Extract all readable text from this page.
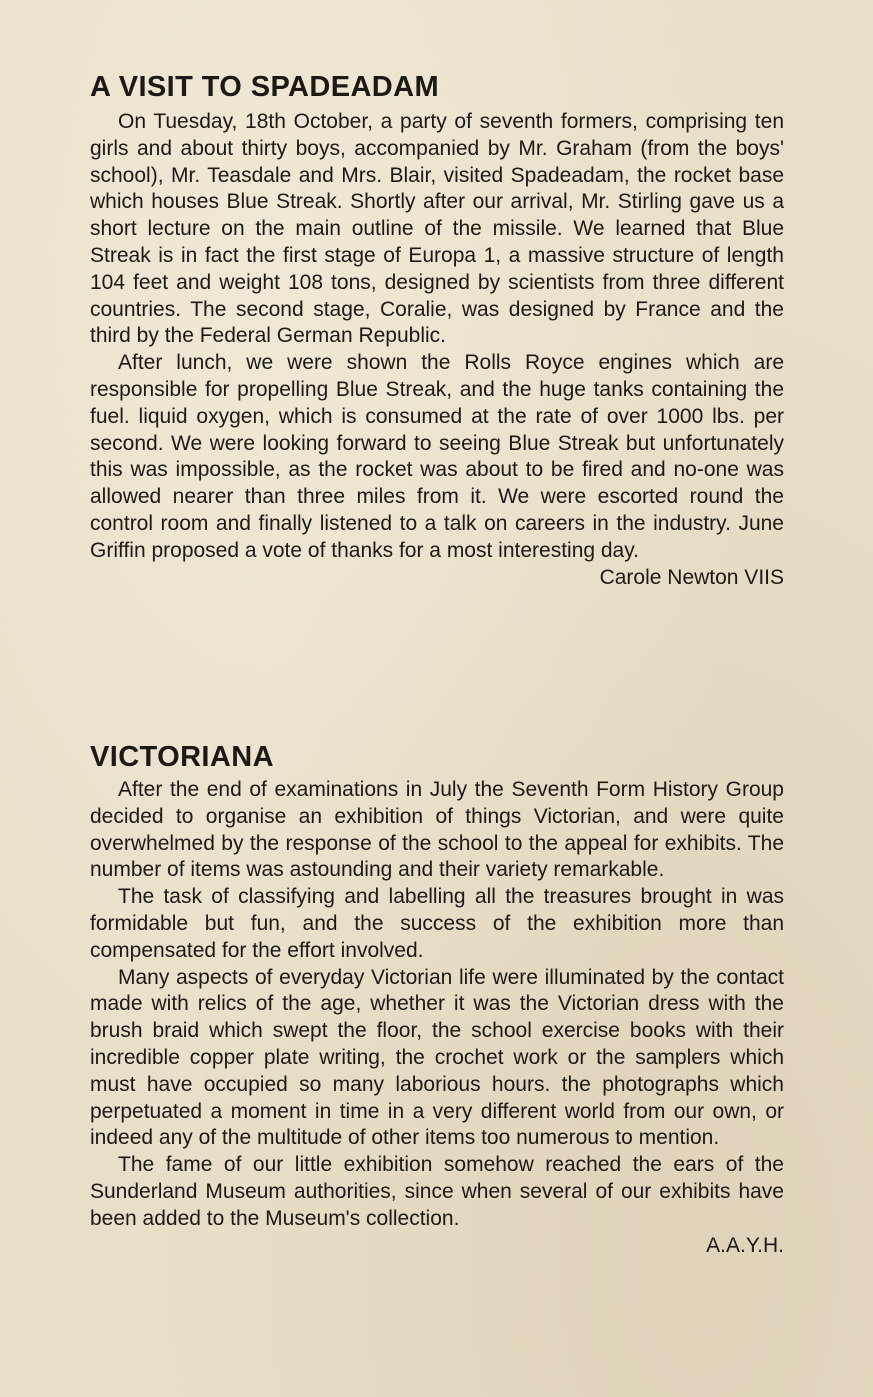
A VISIT TO SPADEADAM

On Tuesday, 18th October, a party of seventh formers, comprising ten girls and about thirty boys, accompanied by Mr. Graham (from the boys' school), Mr. Teasdale and Mrs. Blair, visited Spadeadam, the rocket base which houses Blue Streak. Shortly after our arrival, Mr. Stirling gave us a short lecture on the main outline of the missile. We learned that Blue Streak is in fact the first stage of Europa 1, a massive structure of length 104 feet and weight 108 tons, designed by scientists from three different countries. The second stage, Coralie, was designed by France and the third by the Federal German Republic.

After lunch, we were shown the Rolls Royce engines which are responsible for propelling Blue Streak, and the huge tanks containing the fuel. liquid oxygen, which is consumed at the rate of over 1000 lbs. per second. We were looking forward to seeing Blue Streak but unfortunately this was impossible, as the rocket was about to be fired and no-one was allowed nearer than three miles from it. We were escorted round the control room and finally listened to a talk on careers in the industry. June Griffin proposed a vote of thanks for a most interesting day.

Carole Newton VIIS

VICTORIANA

After the end of examinations in July the Seventh Form History Group decided to organise an exhibition of things Victorian, and were quite overwhelmed by the response of the school to the appeal for exhibits. The number of items was astounding and their variety remarkable.

The task of classifying and labelling all the treasures brought in was formidable but fun, and the success of the exhibition more than compensated for the effort involved.

Many aspects of everyday Victorian life were illuminated by the contact made with relics of the age, whether it was the Victorian dress with the brush braid which swept the floor, the school exercise books with their incredible copper plate writing, the crochet work or the samplers which must have occupied so many laborious hours. the photographs which perpetuated a moment in time in a very different world from our own, or indeed any of the multitude of other items too numerous to mention.

The fame of our little exhibition somehow reached the ears of the Sunderland Museum authorities, since when several of our exhibits have been added to the Museum's collection.

A.A.Y.H.
